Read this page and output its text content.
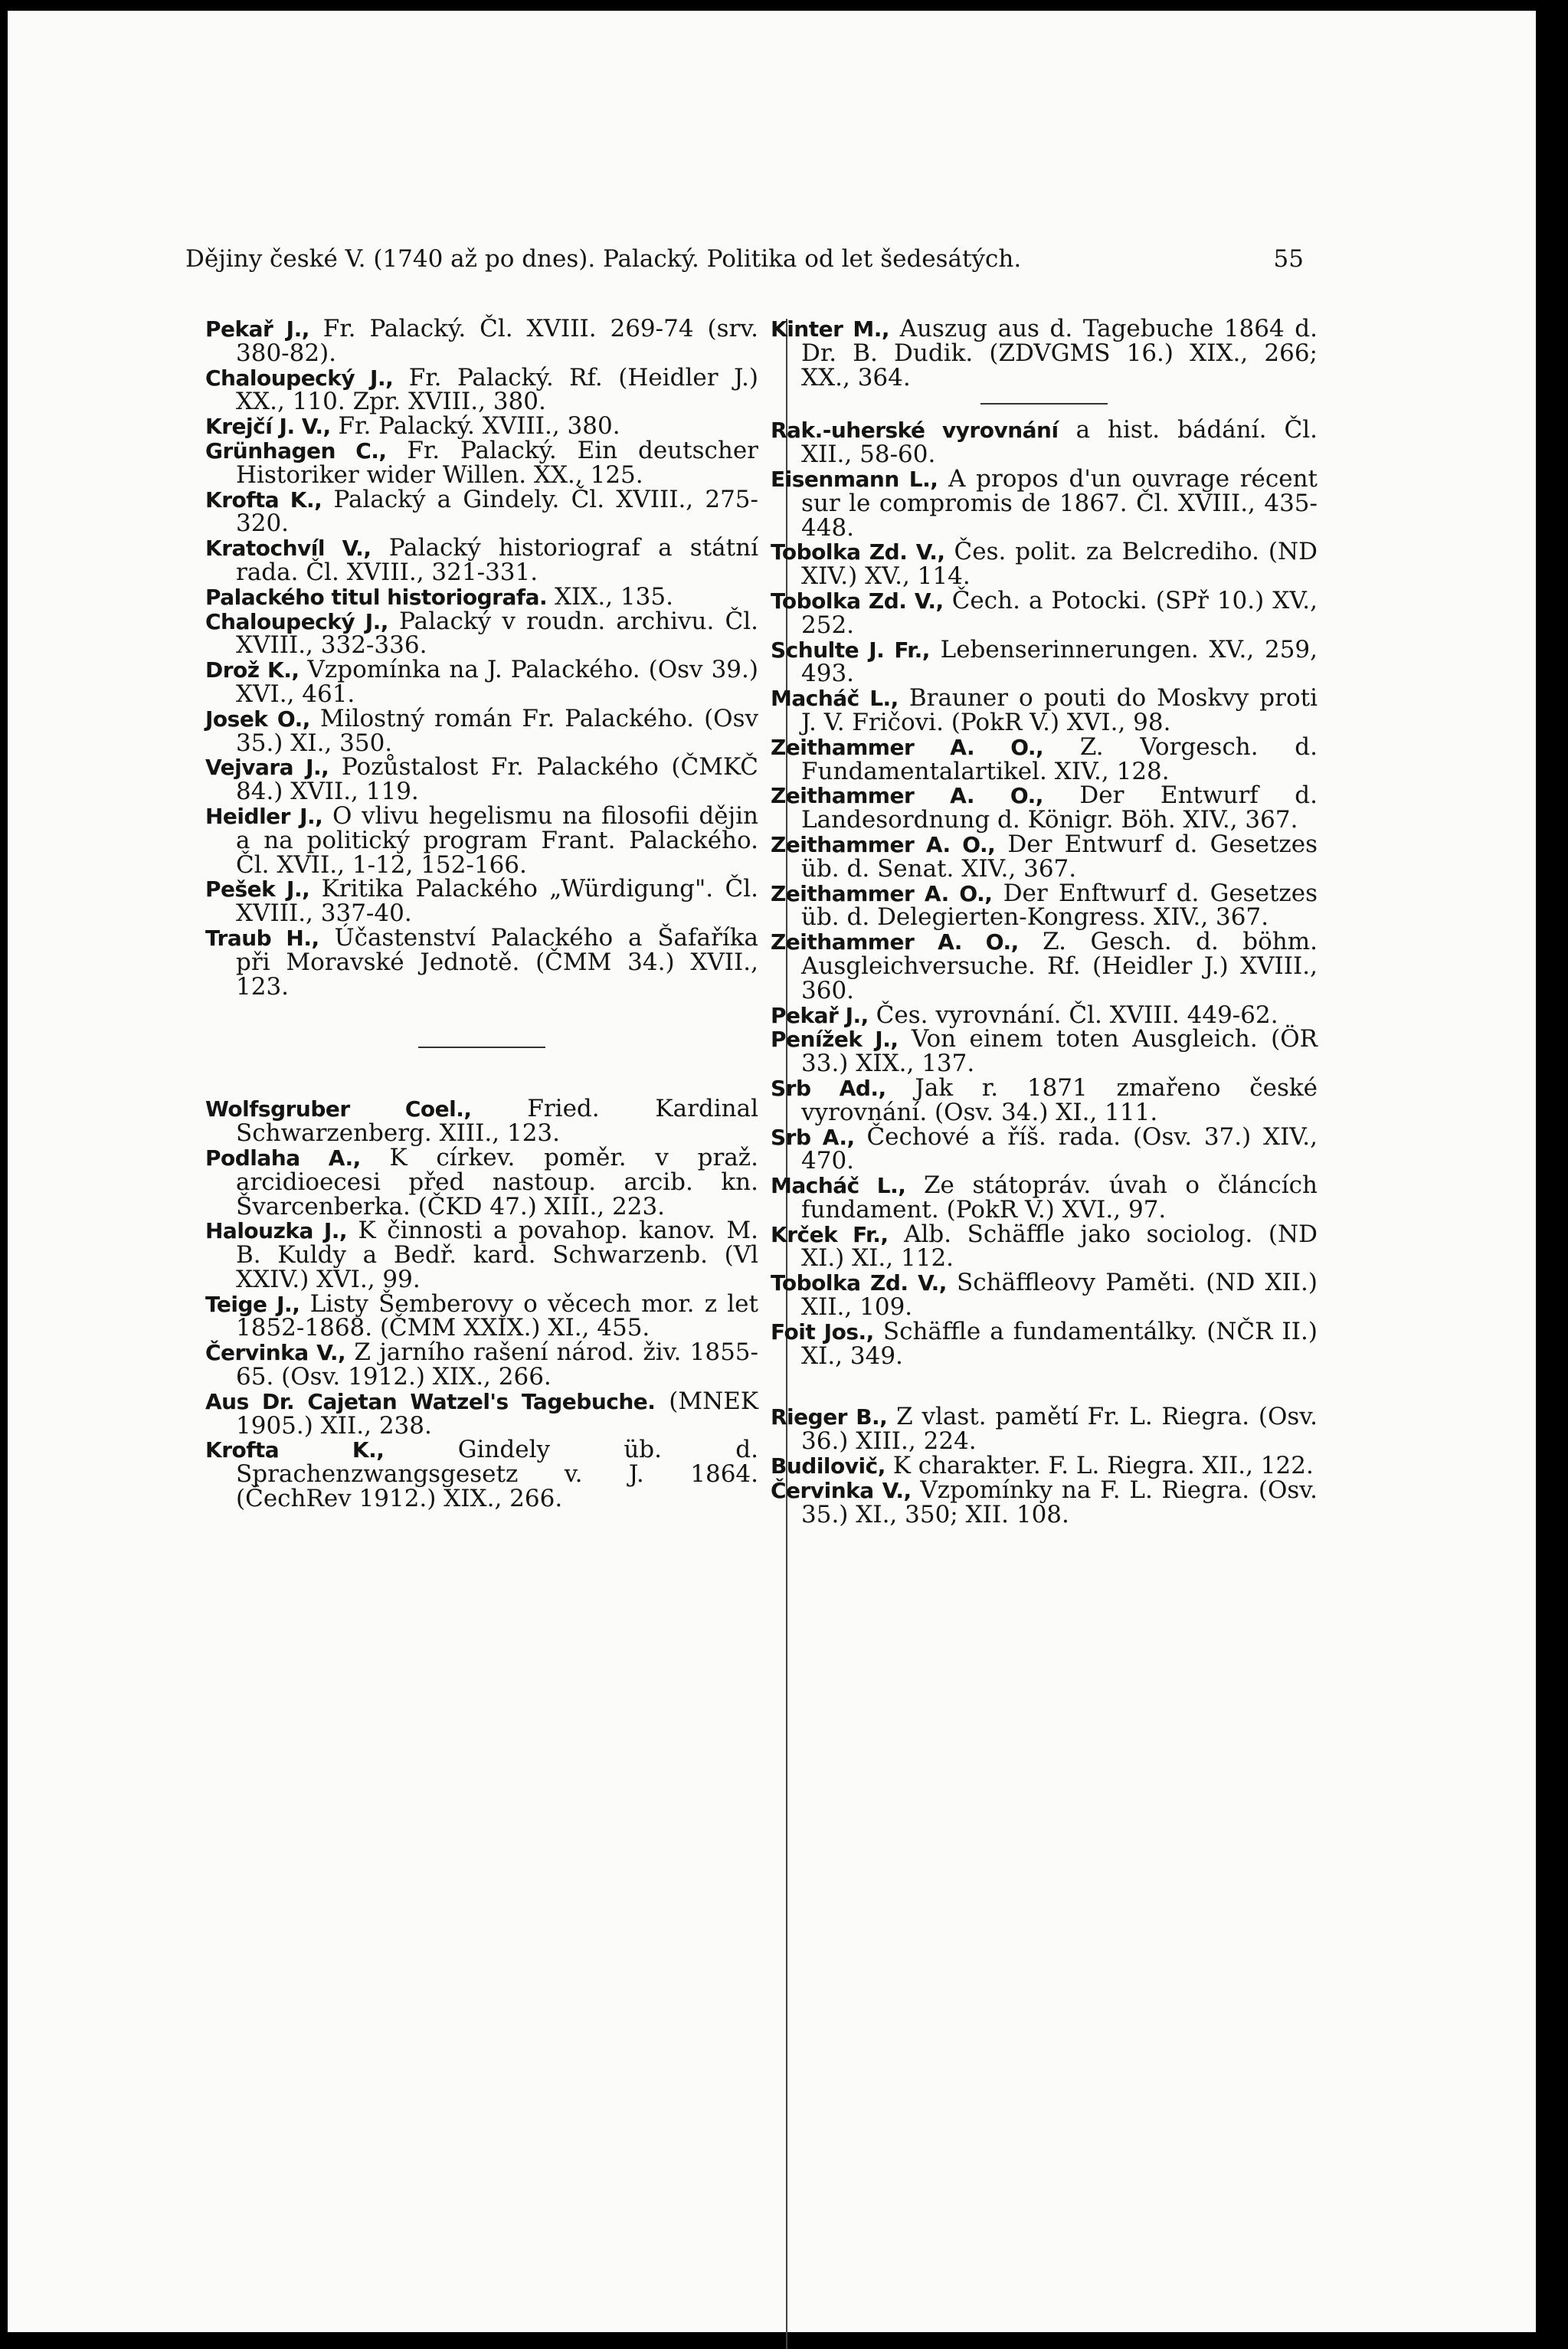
Dějiny české V. (1740 až po dnes). Palacký. Politika od let šedesátých.	55

Pekař J., Fr. Palacký. Čl. XVIII. 269-74 (srv. 380-82).

Chaloupecký J., Fr. Palacký. Rf. (Heidler J.) XX., 110. Zpr. XVIII., 380.

Krejčí J. V., Fr. Palacký. XVIII., 380.

Grünhagen C., Fr. Palacký. Ein deutscher Historiker wider Willen. XX., 125.

Krofta K., Palacký a Gindely. Čl. XVIII., 275-320.

Kratochvíl V., Palacký historiograf a státní rada. Čl. XVIII., 321-331.

Palackého titul historiografa. XIX., 135.

Chaloupecký J., Palacký v roudn. archivu. Čl. XVIII., 332-336.

Drož K., Vzpomínka na J. Palackého. (Osv 39.) XVI., 461.

Josek O., Milostný román Fr. Palackého. (Osv 35.) XI., 350.

Vejvara J., Pozůstalost Fr. Palackého (ČMKČ 84.) XVII., 119.

Heidler J., O vlivu hegelismu na filosofii dějin a na politický program Frant. Palackého. Čl. XVII., 1-12, 152-166.

Pešek J., Kritika Palackého „Würdigung". Čl. XVIII., 337-40.

Traub H., Účastenství Palackého a Šafaříka při Moravské Jednotě. (ČMM 34.) XVII., 123.

Wolfsgruber Coel., Fried. Kardinal Schwarzenberg. XIII., 123.

Podlaha A., K církev. poměr. v praž. arcidioecesi před nastoup. arcib. kn. Švarcenberka. (ČKD 47.) XIII., 223.

Halouzka J., K činnosti a povahop. kanov. M. B. Kuldy a Bedř. kard. Schwarzenb. (Vl XXIV.) XVI., 99.

Teige J., Listy Šemberovy o věcech mor. z let 1852-1868. (ČMM XXIX.) XI., 455.

Červinka V., Z jarního rašení národ. živ. 1855-65. (Osv. 1912.) XIX., 266.

Aus Dr. Cajetan Watzel's Tagebuche. (MNEK 1905.) XII., 238.

Krofta K., Gindely üb. d. Sprachenzwangsgesetz v. J. 1864. (ČechRev 1912.) XIX., 266.

Kinter M., Auszug aus d. Tagebuche 1864 d. Dr. B. Dudik. (ZDVGMS 16.) XIX., 266; XX., 364.

Rak.-uherské vyrovnání a hist. bádání. Čl. XII., 58-60.

Eisenmann L., A propos d'un ouvrage récent sur le compromis de 1867. Čl. XVIII., 435-448.

Tobolka Zd. V., Čes. polit. za Belcrediho. (ND XIV.) XV., 114.

Tobolka Zd. V., Čech. a Potocki. (SPř 10.) XV., 252.

Schulte J. Fr., Lebenserinnerungen. XV., 259, 493.

Macháč L., Brauner o pouti do Moskvy proti J. V. Fričovi. (PokR V.) XVI., 98.

Zeithammer A. O., Z. Vorgesch. d. Fundamentalartikel. XIV., 128.

Zeithammer A. O., Der Entwurf d. Landesordnung d. Königr. Böh. XIV., 367.

Zeithammer A. O., Der Entwurf d. Gesetzes üb. d. Senat. XIV., 367.

Zeithammer A. O., Der Enftwurf d. Gesetzes üb. d. Delegierten-Kongress. XIV., 367.

Zeithammer A. O., Z. Gesch. d. böhm. Ausgleichversuche. Rf. (Heidler J.) XVIII., 360.

Pekař J., Čes. vyrovnání. Čl. XVIII. 449-62.

Penížek J., Von einem toten Ausgleich. (ÖR 33.) XIX., 137.

Srb Ad., Jak r. 1871 zmařeno české vyrovnání. (Osv. 34.) XI., 111.

Srb A., Čechové a říš. rada. (Osv. 37.) XIV., 470.

Macháč L., Ze státopráv. úvah o článcích fundament. (PokR V.) XVI., 97.

Krček Fr., Alb. Schäffle jako sociolog. (ND XI.) XI., 112.

Tobolka Zd. V., Schäffleovy Paměti. (ND XII.) XII., 109.

Foit Jos., Schäffle a fundamentálky. (NČR II.) XI., 349.

Rieger B., Z vlast. pamětí Fr. L. Riegra. (Osv. 36.) XIII., 224.

Budilovič, K charakter. F. L. Riegra. XII., 122.

Červinka V., Vzpomínky na F. L. Riegra. (Osv. 35.) XI., 350; XII. 108.
